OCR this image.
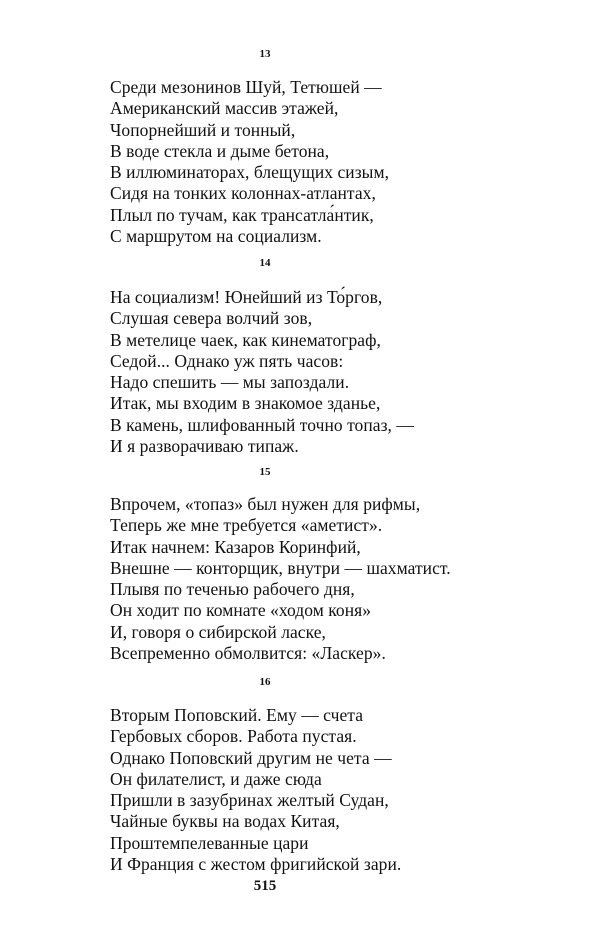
13
Среди мезонинов Шуй, Тетюшей —
Американский массив этажей,
Чопорнейший и тонный,
В воде стекла и дыме бетона,
В иллюминаторах, блещущих сизым,
Сидя на тонких колоннах-атлантах,
Плыл по тучам, как трансатла́нтик,
С маршрутом на социализм.
14
На социализм! Юнейший из То́ргов,
Слушая севера волчий зов,
В метелице чаек, как кинематограф,
Седой... Однако уж пять часов:
Надо спешить — мы запоздали.
Итак, мы входим в знакомое зданье,
В камень, шлифованный точно топаз, —
И я разворачиваю типаж.
15
Впрочем, «топаз» был нужен для рифмы,
Теперь же мне требуется «аметист».
Итак начнем: Казаров Коринфий,
Внешне — конторщик, внутри — шахматист.
Плывя по теченью рабочего дня,
Он ходит по комнате «ходом коня»
И, говоря о сибирской ласке,
Всепременно обмолвится: «Ласкер».
16
Вторым Поповский. Ему — счета
Гербовых сборов. Работа пустая.
Однако Поповский другим не чета —
Он филателист, и даже сюда
Пришли в зазубринах желтый Судан,
Чайные буквы на водах Китая,
Проштемпелеванные цари
И Франция с жестом фригийской зари.
515
